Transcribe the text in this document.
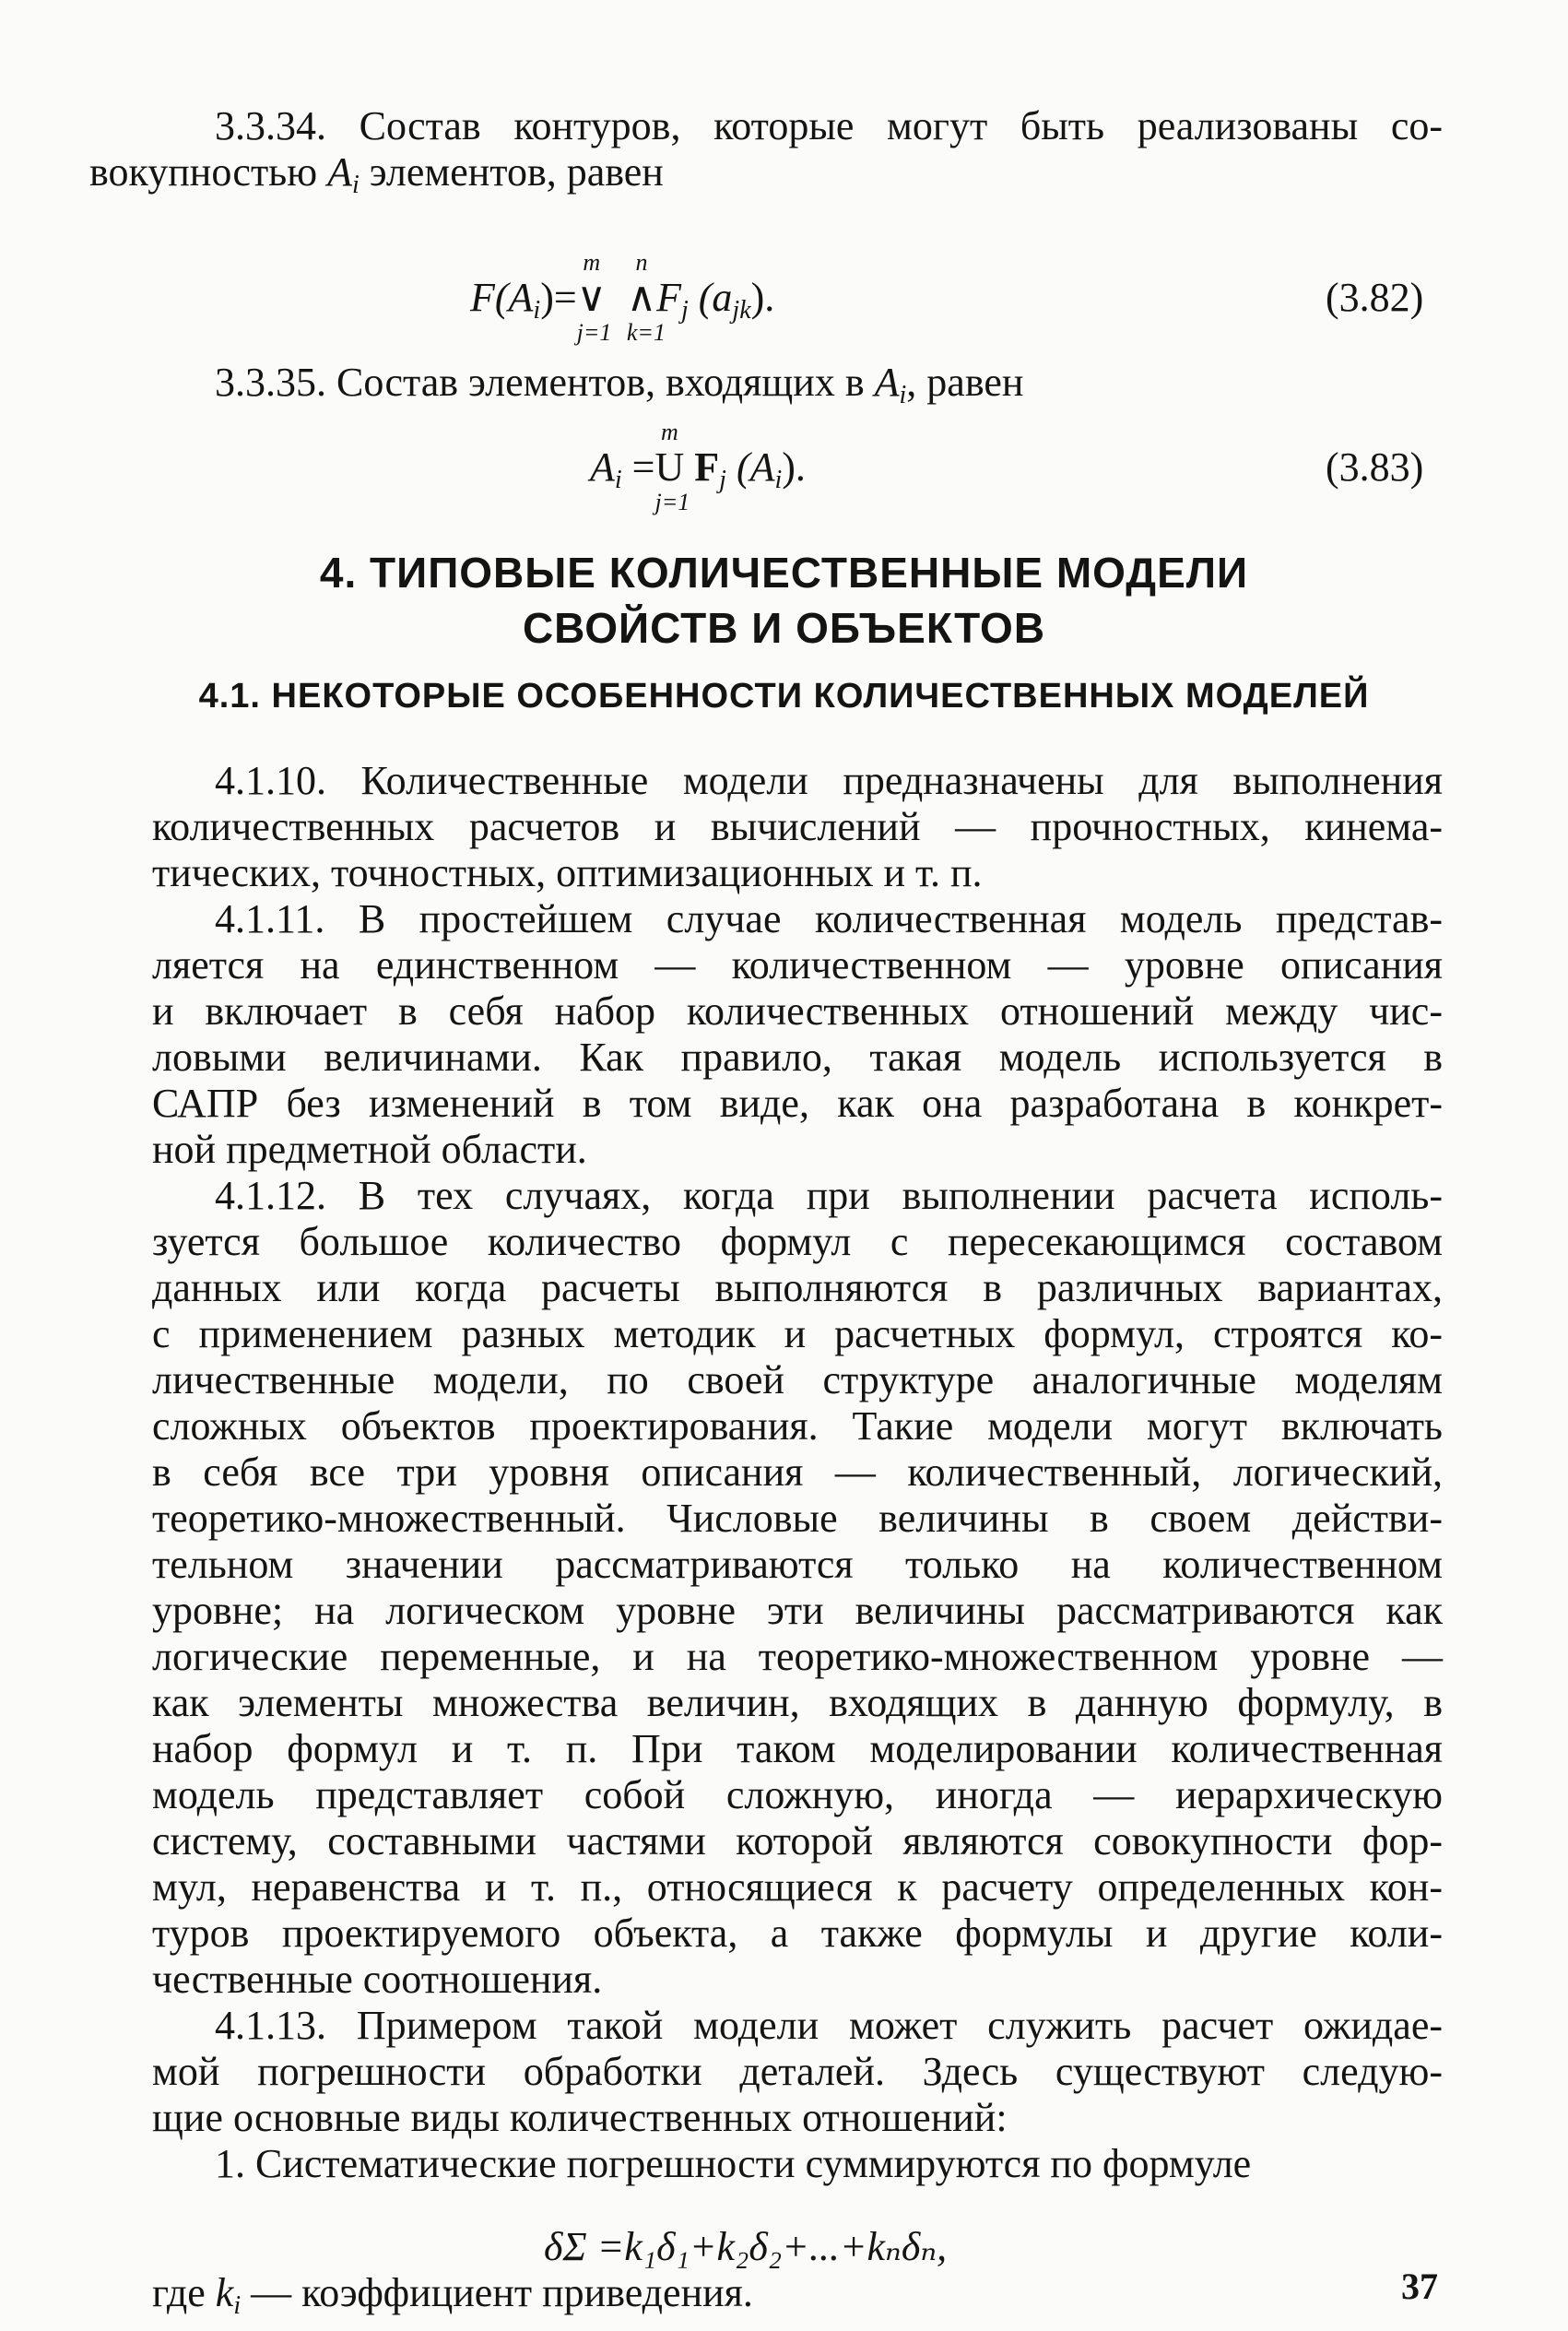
3.3.34. Состав контуров, которые могут быть реализованы со-
вокупностью $A_i$ элементов, равен

$F(A_i)=$
m
∨
j=1

n
∧
k=1
$F_j$ $(a_{jk})$.	(3.82)

3.3.35. Состав элементов, входящих в $A_i$, равен

$A_i$ =
m
U
j=1
$F_j$ $(A_i)$.	(3.83)
4. ТИПОВЫЕ КОЛИЧЕСТВЕННЫЕ МОДЕЛИ
СВОЙСТВ И ОБЪЕКТОВ
4.1. НЕКОТОРЫЕ ОСОБЕННОСТИ КОЛИЧЕСТВЕННЫХ МОДЕЛЕЙ

4.1.10. Количественные модели предназначены для выполнения
количественных расчетов и вычислений — прочностных, кинема-
тических, точностных, оптимизационных и т. п.

4.1.11. В простейшем случае количественная модель представ-
ляется на единственном — количественном — уровне описания
и включает в себя набор количественных отношений между чис-
ловыми величинами. Как правило, такая модель используется в
САПР без изменений в том виде, как она разработана в конкрет-
ной предметной области.

4.1.12. В тех случаях, когда при выполнении расчета исполь-
зуется большое количество формул с пересекающимся составом
данных или когда расчеты выполняются в различных вариантах,
с применением разных методик и расчетных формул, строятся ко-
личественные модели, по своей структуре аналогичные моделям
сложных объектов проектирования. Такие модели могут включать
в себя все три уровня описания — количественный, логический,
теоретико-множественный. Числовые величины в своем действи-
тельном значении рассматриваются только на количественном
уровне; на логическом уровне эти величины рассматриваются как
логические переменные, и на теоретико-множественном уровне —
как элементы множества величин, входящих в данную формулу, в
набор формул и т. п. При таком моделировании количественная
модель представляет собой сложную, иногда — иерархическую
систему, составными частями которой являются совокупности фор-
мул, неравенства и т. п., относящиеся к расчету определенных кон-
туров проектируемого объекта, а также формулы и другие коли-
чественные соотношения.

4.1.13. Примером такой модели может служить расчет ожидае-
мой погрешности обработки деталей. Здесь существуют следую-
щие основные виды количественных отношений:

1. Систематические погрешности суммируются по формуле

δΣ =k₁δ₁+k₂δ₂+...+kₙδₙ,
37

где $k_i$ — коэффициент приведения.
